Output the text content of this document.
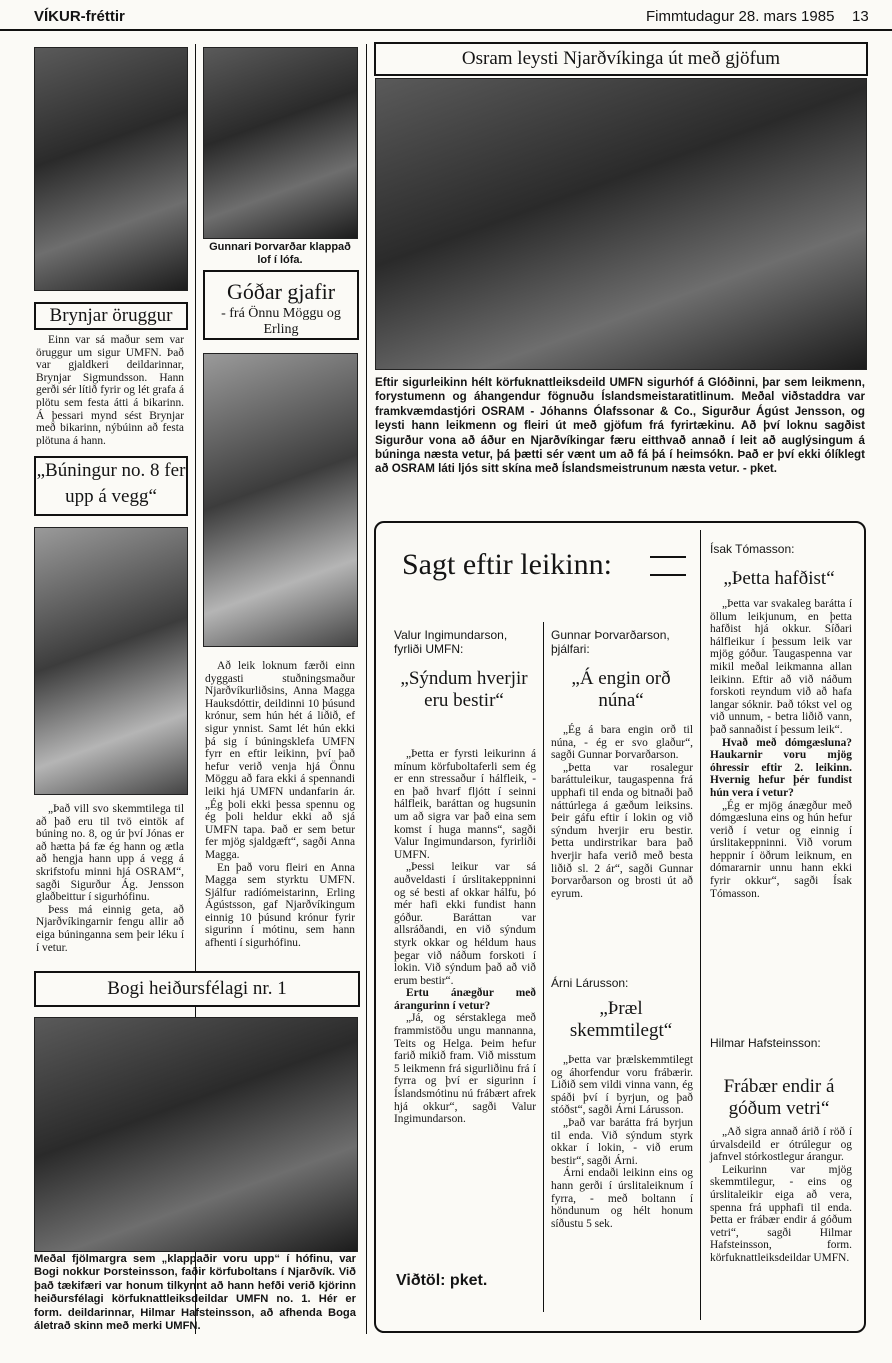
VÍKUR-fréttir	Fimmtudagur 28. mars 1985 13
Brynjar öruggur
Einn var sá maður sem var öruggur um sigur UMFN. Það var gjaldkeri deildarinnar, Brynjar Sigmundsson. Hann gerði sér lítið fyrir og lét grafa á plötu sem festa átti á bikarinn. Á þessari mynd sést Brynjar með bikarinn, nýbúinn að festa plötuna á hann.
„Búningur no. 8 fer upp á vegg“

„Það vill svo skemmtilega til að það eru til tvö eintök af búning no. 8, og úr því Jónas er að hætta þá fæ ég hann og ætla að hengja hann upp á vegg á skrifstofu minni hjá OSRAM“, sagði Sigurður Ág. Jensson glaðbeittur í sigurhófinu.

Þess má einnig geta, að Njarðvíkingarnir fengu allir að eiga búninganna sem þeir léku í í vetur.

Gunnari Þorvarðar klappað lof í lófa.
Góðar gjafir
- frá Önnu Möggu og Erling

Að leik loknum færði einn dyggasti stuðningsmaður Njarðvíkurliðsins, Anna Magga Hauksdóttir, deildinni 10 þúsund krónur, sem hún hét á liðið, ef sigur ynnist. Samt lét hún ekki þá sig í búningsklefa UMFN fyrr en eftir leikinn, því það hefur verið venja hjá Önnu Möggu að fara ekki á spennandi leiki hjá UMFN undanfarin ár. „Ég þoli ekki þessa spennu og ég þoli heldur ekki að sjá UMFN tapa. Það er sem betur fer mjög sjaldgæft“, sagði Anna Magga.

En það voru fleiri en Anna Magga sem styrktu UMFN. Sjálfur radíómeistarinn, Erling Ágústsson, gaf Njarðvíkingum einnig 10 þúsund krónur fyrir sigurinn í mótinu, sem hann afhenti í sigurhófinu.

Bogi heiðursfélagi nr. 1
Meðal fjölmargra sem „klappaðir voru upp“ í hófinu, var Bogi nokkur Þorsteinsson, faðir körfuboltans í Njarðvík. Við það tækifæri var honum tilkynnt að hann hefði verið kjörinn heiðursfélagi körfuknattleiksdeildar UMFN no. 1. Hér er form. deildarinnar, Hilmar Hafsteinsson, að afhenda Boga áletrað skinn með merki UMFN.
Osram leysti Njarðvíkinga út með gjöfum
Eftir sigurleikinn hélt körfuknattleiksdeild UMFN sigurhóf á Glóðinni, þar sem leikmenn, forystumenn og áhangendur fögnuðu Íslandsmeistaratitlinum. Meðal viðstaddra var framkvæmdastjóri OSRAM - Jóhanns Ólafssonar & Co., Sigurður Ágúst Jensson, og leysti hann leikmenn og fleiri út með gjöfum frá fyrirtækinu. Að því loknu sagðist Sigurður vona að áður en Njarðvíkingar færu eitthvað annað í leit að auglýsingum á búninga næsta vetur, þá þætti sér vænt um að fá þá í heimsókn. Það er því ekki ólíklegt að OSRAM láti ljós sitt skína með Íslandsmeistrunum næsta vetur. - pket.
Sagt eftir leikinn:
Valur Ingimundarson, fyrliði UMFN:
„Sýndum hverjir eru bestir“

„Þetta er fyrsti leikurinn á mínum körfuboltaferli sem ég er enn stressaður í hálfleik, - en það hvarf fljótt í seinni hálfleik, baráttan og hugsunin um að sigra var það eina sem komst í huga manns“, sagði Valur Ingimundarson, fyrirliði UMFN.

„Þessi leikur var sá auðveldasti í úrslitakeppninni og sé besti af okkar hálfu, þó mér hafi ekki fundist hann góður. Baráttan var allsráðandi, en við sýndum styrk okkar og héldum haus þegar við náðum forskoti í lokin. Við sýndum það að við erum bestir“.

Ertu ánægður með árangurinn í vetur?

„Já, og sérstaklega með frammistöðu ungu mannanna, Teits og Helga. Þeim hefur farið mikið fram. Við misstum 5 leikmenn frá sigurliðinu frá í fyrra og því er sigurinn í Íslandsmótinu nú frábært afrek hjá okkur“, sagði Valur Ingimundarson.

Viðtöl: pket.
Gunnar Þorvarðarson, þjálfari:
„Á engin orð núna“

„Ég á bara engin orð til núna, - ég er svo glaður“, sagði Gunnar Þorvarðarson.

„Þetta var rosalegur baráttuleikur, taugaspenna frá upphafi til enda og bitnaði það náttúrlega á gæðum leiksins. Þeir gáfu eftir í lokin og við sýndum hverjir eru bestir. Þetta undirstrikar bara það hverjir hafa verið með besta liðið sl. 2 ár“, sagði Gunnar Þorvarðarson og brosti út að eyrum.

Árni Lárusson:
„Þræl skemmtilegt“

„Þetta var þrælskemmtilegt og áhorfendur voru frábærir. Liðið sem vildi vinna vann, ég spáði því í byrjun, og það stóðst“, sagði Árni Lárusson.

„Það var barátta frá byrjun til enda. Við sýndum styrk okkar í lokin, - við erum bestir“, sagði Árni.

Árni endaði leikinn eins og hann gerði í úrslitaleiknum í fyrra, - með boltann í höndunum og hélt honum síðustu 5 sek.

Ísak Tómasson:
„Þetta hafðist“

„Þetta var svakaleg barátta í öllum leikjunum, en þetta hafðist hjá okkur. Síðari hálfleikur í þessum leik var mjög góður. Taugaspenna var mikil meðal leikmanna allan leikinn. Eftir að við náðum forskoti reyndum við að hafa langar sóknir. Það tókst vel og við unnum, - betra liðið vann, það sannaðist í þessum leik“.

Hvað með dómgæsluna? Haukarnir voru mjög óhressir eftir 2. leikinn. Hvernig hefur þér fundist hún vera í vetur?

„Ég er mjög ánægður með dómgæsluna eins og hún hefur verið í vetur og einnig í úrslitakeppninni. Við vorum heppnir í öðrum leiknum, en dómararnir unnu hann ekki fyrir okkur“, sagði Ísak Tómasson.

Hilmar Hafsteinsson:
Frábær endir á góðum vetri“

„Að sigra annað árið í röð í úrvalsdeild er ótrúlegur og jafnvel stórkostlegur árangur.

Leikurinn var mjög skemmtilegur, - eins og úrslitaleikir eiga að vera, spenna frá upphafi til enda. Þetta er frábær endir á góðum vetri“, sagði Hilmar Hafsteinsson, form. körfuknattleiksdeildar UMFN.
